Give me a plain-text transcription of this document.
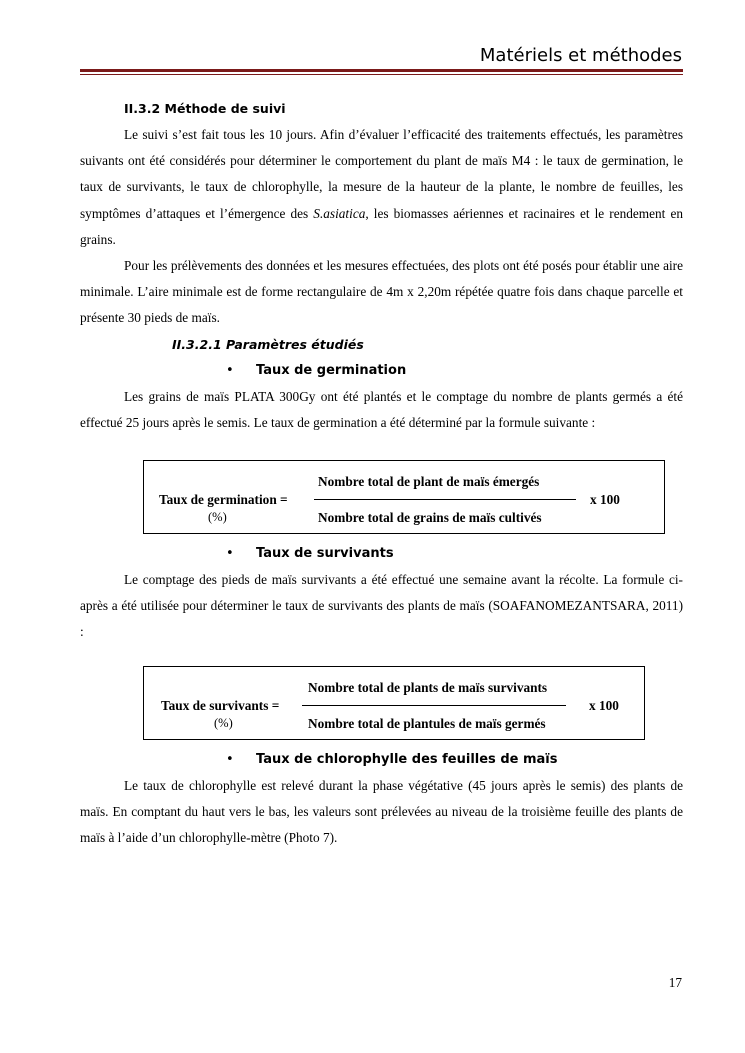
Matériels et méthodes

II.3.2 Méthode de suivi

Le suivi s’est fait tous les 10 jours. Afin d’évaluer l’efficacité des traitements effectués, les paramètres suivants ont été considérés pour déterminer le comportement du plant de maïs M4 : le taux de germination, le taux de survivants, le taux de chlorophylle, la mesure de la hauteur de la plante, le nombre de feuilles, les symptômes d’attaques et l’émergence des S.asiatica, les biomasses aériennes et racinaires et le rendement en grains.

Pour les prélèvements des données et les mesures effectuées, des plots ont été posés pour établir une aire minimale. L’aire minimale est de forme rectangulaire de 4m x 2,20m répétée quatre fois dans chaque parcelle et présente 30 pieds de maïs.

II.3.2.1 Paramètres étudiés

• Taux de germination

Les grains de maïs PLATA 300Gy ont été plantés et le comptage du nombre de plants germés a été effectué 25 jours après le semis. Le taux de germination a été déterminé par la formule suivante :

Taux de germination =
(%)
Nombre total de plant de maïs émergés
Nombre total de grains de maïs cultivés
x 100

• Taux de survivants

Le comptage des pieds de maïs survivants a été effectué une semaine avant la récolte. La formule ci-après a été utilisée pour déterminer le taux de survivants des plants de maïs (SOAFANOMEZANTSARA, 2011) :

Taux de survivants =
(%)
Nombre total de plants de maïs survivants
Nombre total de plantules de maïs germés
x 100

• Taux de chlorophylle des feuilles de maïs

Le taux de chlorophylle est relevé durant la phase végétative (45 jours après le semis) des plants de maïs. En comptant du haut vers le bas, les valeurs sont prélevées au niveau de la troisième feuille des plants de maïs à l’aide d’un chlorophylle-mètre (Photo 7).

17
